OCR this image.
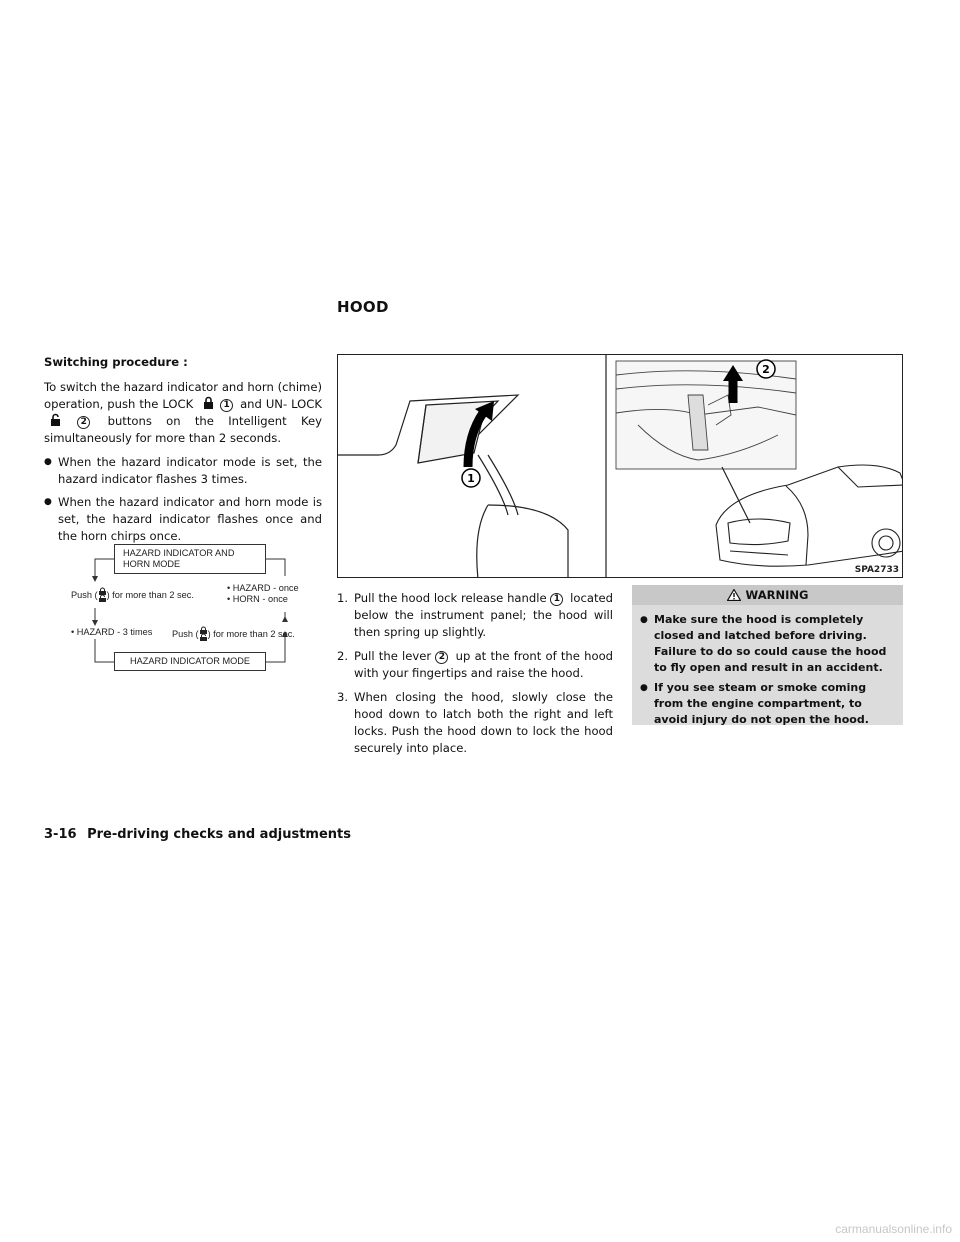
HOOD
Switching procedure :

To switch the hazard indicator and horn (chime) operation, push the LOCK	1 and UN- LOCK  2 buttons on the Intelligent Key simultaneously for more than 2 seconds.

● When the hazard indicator mode is set, the hazard indicator flashes 3 times.
● When the hazard indicator and horn mode is set, the hazard indicator flashes once and the horn chirps once.
HAZARD INDICATOR AND
HORN MODE
Push ( ) for more than 2 sec.
• HAZARD - once
• HORN - once
• HAZARD - 3 times Push ( ) for more than 2 sec.
HAZARD INDICATOR MODE
1
2
SPA2733
1. Pull the hood lock release handle 1 located below the instrument panel; the hood will then spring up slightly.
2. Pull the lever 2 up at the front of the hood with your fingertips and raise the hood.
3. When closing the hood, slowly close the hood down to latch both the right and left locks. Push the hood down to lock the hood securely into place.
WARNING
● Make sure the hood is completely closed and latched before driving. Failure to do so could cause the hood to fly open and result in an accident.
● If you see steam or smoke coming from the engine compartment, to avoid injury do not open the hood.
3-16 Pre-driving checks and adjustments
carmanualsonline.info
